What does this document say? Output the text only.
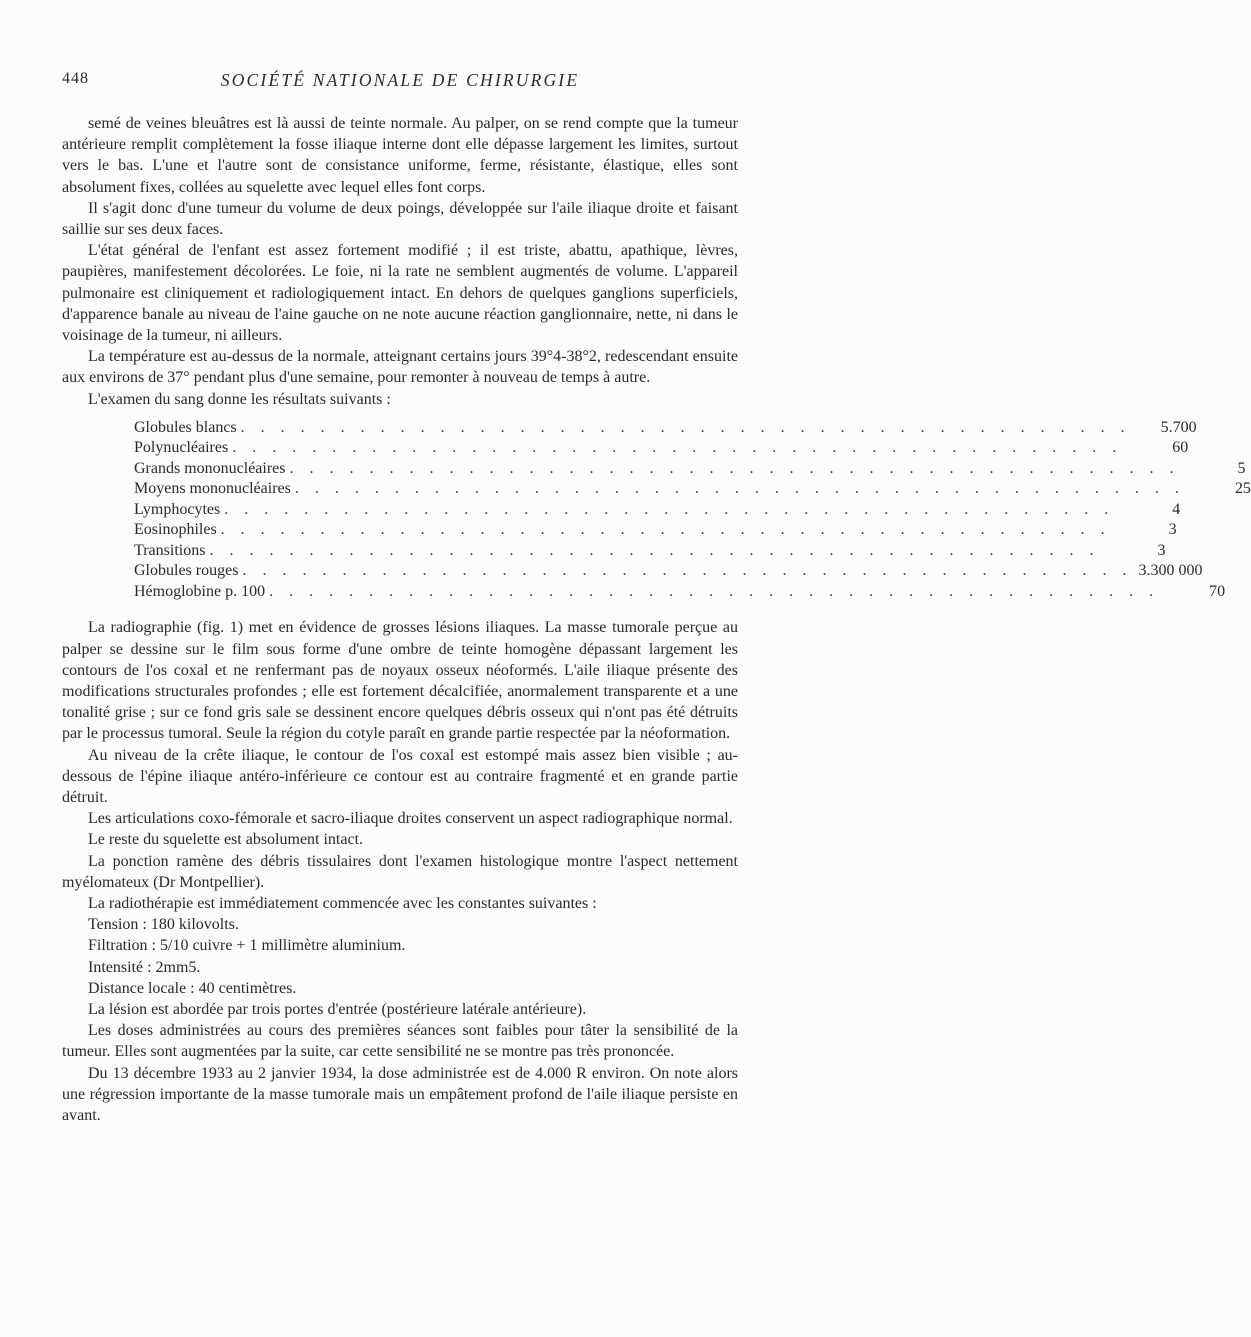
448	SOCIÉTÉ NATIONALE DE CHIRURGIE

semé de veines bleuâtres est là aussi de teinte normale. Au palper, on se rend compte que la tumeur antérieure remplit complètement la fosse iliaque interne dont elle dépasse largement les limites, surtout vers le bas. L'une et l'autre sont de consistance uniforme, ferme, résistante, élastique, elles sont absolument fixes, collées au squelette avec lequel elles font corps.

Il s'agit donc d'une tumeur du volume de deux poings, développée sur l'aile iliaque droite et faisant saillie sur ses deux faces.

L'état général de l'enfant est assez fortement modifié ; il est triste, abattu, apathique, lèvres, paupières, manifestement décolorées. Le foie, ni la rate ne semblent augmentés de volume. L'appareil pulmonaire est cliniquement et radiologiquement intact. En dehors de quelques ganglions superficiels, d'apparence banale au niveau de l'aine gauche on ne note aucune réaction ganglionnaire, nette, ni dans le voisinage de la tumeur, ni ailleurs.

La température est au-dessus de la normale, atteignant certains jours 39°4-38°2, redescendant ensuite aux environs de 37° pendant plus d'une semaine, pour remonter à nouveau de temps à autre.

L'examen du sang donne les résultats suivants :

Globules blancs . . . . . . . . . . . . . . . . . . . . . . . . . . . . . . . . . . . . . . . . . . . . .	5.700
Polynucléaires . . . . . . . . . . . . . . . . . . . . . . . . . . . . . . . . . . . . . . . . . . . . .	60
Grands mononucléaires . . . . . . . . . . . . . . . . . . . . . . . . . . . . . . . . . . . . . . . . . . . . .	5
Moyens mononucléaires . . . . . . . . . . . . . . . . . . . . . . . . . . . . . . . . . . . . . . . . . . . . .	25
Lymphocytes . . . . . . . . . . . . . . . . . . . . . . . . . . . . . . . . . . . . . . . . . . . . .	4
Eosinophiles . . . . . . . . . . . . . . . . . . . . . . . . . . . . . . . . . . . . . . . . . . . . .	3
Transitions . . . . . . . . . . . . . . . . . . . . . . . . . . . . . . . . . . . . . . . . . . . . .	3
Globules rouges . . . . . . . . . . . . . . . . . . . . . . . . . . . . . . . . . . . . . . . . . . . . . 3.300 000
Hémoglobine p. 100 . . . . . . . . . . . . . . . . . . . . . . . . . . . . . . . . . . . . . . . . . . . . .	70

La radiographie (fig. 1) met en évidence de grosses lésions iliaques. La masse tumorale perçue au palper se dessine sur le film sous forme d'une ombre de teinte homogène dépassant largement les contours de l'os coxal et ne renfermant pas de noyaux osseux néoformés. L'aile iliaque présente des modifications structurales profondes ; elle est fortement décalcifiée, anormalement transparente et a une tonalité grise ; sur ce fond gris sale se dessinent encore quelques débris osseux qui n'ont pas été détruits par le processus tumoral. Seule la région du cotyle paraît en grande partie respectée par la néoformation.

Au niveau de la crête iliaque, le contour de l'os coxal est estompé mais assez bien visible ; au-dessous de l'épine iliaque antéro-inférieure ce contour est au contraire fragmenté et en grande partie détruit.

Les articulations coxo-fémorale et sacro-iliaque droites conservent un aspect radiographique normal.

Le reste du squelette est absolument intact.

La ponction ramène des débris tissulaires dont l'examen histologique montre l'aspect nettement myélomateux (Dr Montpellier).

La radiothérapie est immédiatement commencée avec les constantes suivantes :

Tension : 180 kilovolts.

Filtration : 5/10 cuivre + 1 millimètre aluminium.

Intensité : 2mm5.

Distance locale : 40 centimètres.

La lésion est abordée par trois portes d'entrée (postérieure latérale antérieure).

Les doses administrées au cours des premières séances sont faibles pour tâter la sensibilité de la tumeur. Elles sont augmentées par la suite, car cette sensibilité ne se montre pas très prononcée.

Du 13 décembre 1933 au 2 janvier 1934, la dose administrée est de 4.000 R environ. On note alors une régression importante de la masse tumorale mais un empâtement profond de l'aile iliaque persiste en avant.
